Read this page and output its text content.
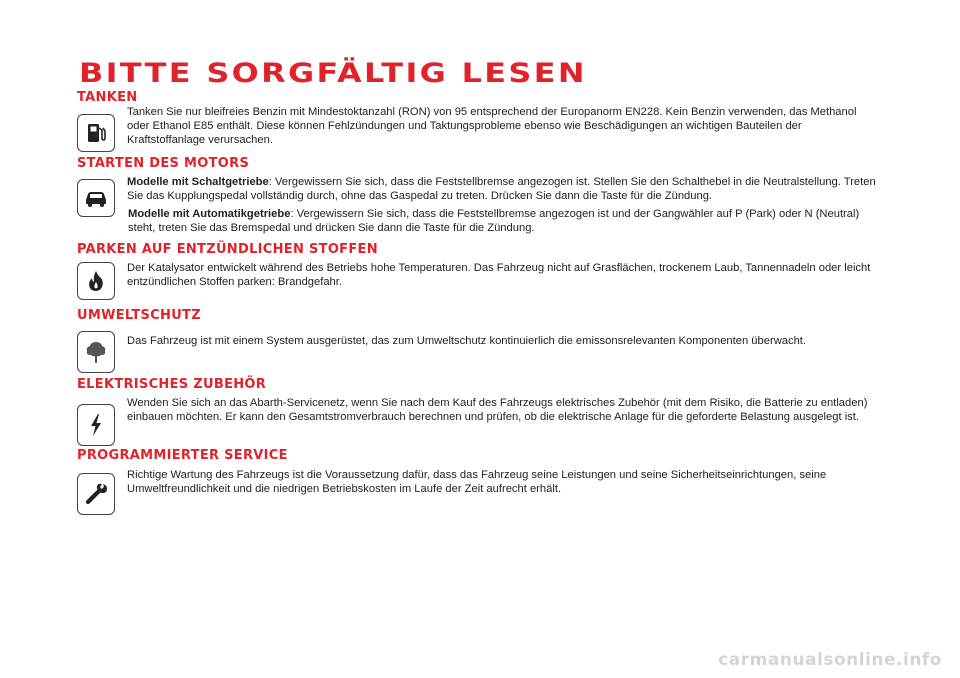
BITTE SORGFÄLTIG LESEN
TANKEN

Tanken Sie nur bleifreies Benzin mit Mindestoktanzahl (RON) von 95 entsprechend der Europanorm EN228. Kein Benzin verwenden, das Methanol oder Ethanol E85 enthält. Diese können Fehlzündungen und Taktungsprobleme ebenso wie Beschädigungen an wichtigen Bauteilen der Kraftstoffanlage verursachen.

STARTEN DES MOTORS

Modelle mit Schaltgetriebe: Vergewissern Sie sich, dass die Feststellbremse angezogen ist. Stellen Sie den Schalthebel in die Neutralstellung. Treten Sie das Kupplungspedal vollständig durch, ohne das Gaspedal zu treten. Drücken Sie dann die Taste für die Zündung.

Modelle mit Automatikgetriebe: Vergewissern Sie sich, dass die Feststellbremse angezogen ist und der Gangwähler auf P (Park) oder N (Neutral) steht, treten Sie das Bremspedal und drücken Sie dann die Taste für die Zündung.

PARKEN AUF ENTZÜNDLICHEN STOFFEN

Der Katalysator entwickelt während des Betriebs hohe Temperaturen. Das Fahrzeug nicht auf Grasflächen, trockenem Laub, Tannennadeln oder leicht entzündlichen Stoffen parken: Brandgefahr.

UMWELTSCHUTZ

Das Fahrzeug ist mit einem System ausgerüstet, das zum Umweltschutz kontinuierlich die emissonsrelevanten Komponenten überwacht.

ELEKTRISCHES ZUBEHÖR

Wenden Sie sich an das Abarth-Servicenetz, wenn Sie nach dem Kauf des Fahrzeugs elektrisches Zubehör (mit dem Risiko, die Batterie zu entladen) einbauen möchten. Er kann den Gesamtstromverbrauch berechnen und prüfen, ob die elektrische Anlage für die geforderte Belastung ausgelegt ist.

PROGRAMMIERTER SERVICE

Richtige Wartung des Fahrzeugs ist die Voraussetzung dafür, dass das Fahrzeug seine Leistungen und seine Sicherheitseinrichtungen, seine Umweltfreundlichkeit und die niedrigen Betriebskosten im Laufe der Zeit aufrecht erhält.

carmanualsonline.info
